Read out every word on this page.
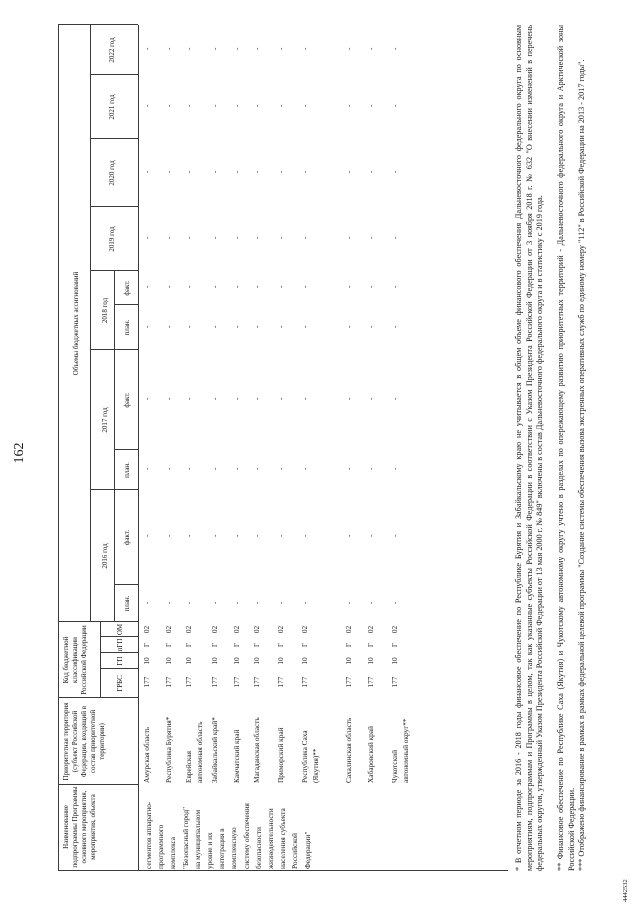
162
Наименование подпрограммы Программы основного мероприятия, мероприятия, объекта
Приоритетная территория (субъект Российской Федерации, входящий в состав приоритетной территории)
Код бюджетной классификации Российской Федерации	ГРБС
ГП
пГП
ОМ
Объемы бюджетных ассигнований
2016 год
2017 год
2018 год
2019 год
2020 год
2021 год
2022 год
план.
факт.
план.
факт.
план.
факт.
сегментов аппаратно- программного комплекса "Безопасный город" на муниципальном уровне и их интеграция в комплексную систему обеспечения безопасности жизнедеятельности населения субъекта Российской Федерации"
Амурская область
177
10
Г
02
-
-
-
-
-
-
-
-
-
-
Республика Бурятия*
177
10
Г
02
-
-
-
-
-
-
-
-
-
-
Еврейская автономная область
177
10
Г
02
-
-
-
-
-
-
-
-
-
-
Забайкальский край*
177
10
Г
02
-
-
-
-
-
-
-
-
-
-
Камчатский край
177
10
Г
02
-
-
-
-
-
-
-
-
-
-
Магаданская область
177
10
Г
02
-
-
-
-
-
-
-
-
-
-
Приморский край
177
10
Г
02
-
-
-
-
-
-
-
-
-
-
Республика Саха (Якутия)**
177
10
Г
02
-
-
-
-
-
-
-
-
-
-
Сахалинская область
177
10
Г
02
-
-
-
-
-
-
-
-
-
-
Хабаровский край
177
10
Г
02
-
-
-
-
-
-
-
-
-
-
Чукотский автономный округ**
177
10
Г
02
-
-
-
-
-
-
-
-
-
-	* В отчетном периоде за 2016 - 2018 годы финансовое обеспечение по Республике Бурятия и Забайкальскому краю не учитывается в общем объеме финансового обеспечения Дальневосточного федерального округа по основным мероприятиям, подпрограммам и Программы в целом, так как указанные субъекты Российской Федерации в соответствии с Указом Президента Российской Федерации от 3 ноября 2018 г. № 632 "О внесении изменений в перечень федеральных округов, утвержденный Указом Президента Российской Федерации от 13 мая 2000 г. № 849" включены в состав Дальневосточного федерального округа и в статистику с 2019 года. ** Финансовое обеспечение по Республике Саха (Якутия) и Чукотскому автономному округу учтено в разделах по опережающему развитию приоритетных территорий - Дальневосточного федерального округа и Арктической зоны Российской Федерации. *** Отображено финансирование в рамках в рамках федеральной целевой программы "Создание системы обеспечения вызова экстренных оперативных служб по единому номеру "112" в Российской Федерации на 2013 - 2017 годы".
4442532
